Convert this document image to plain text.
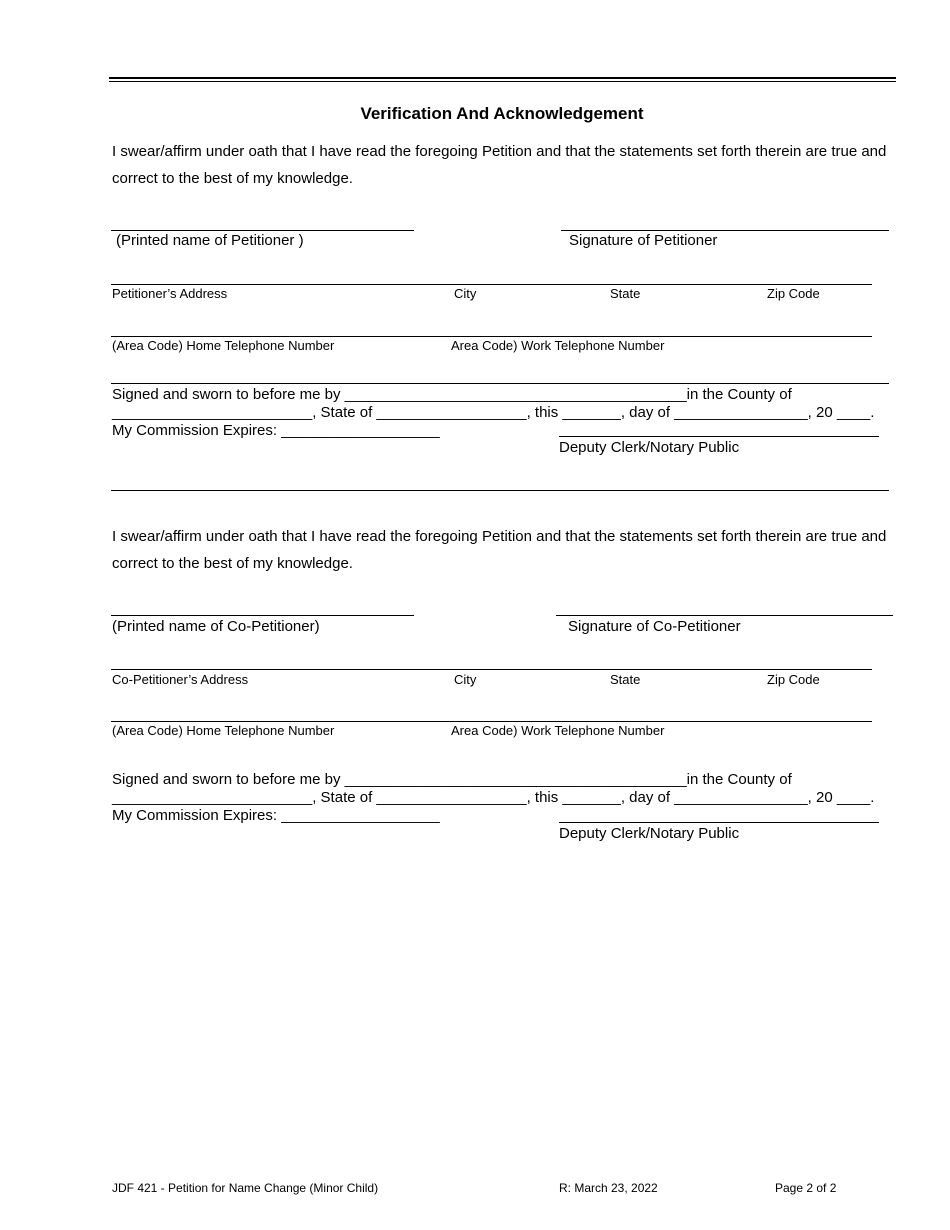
Verification And Acknowledgement
I swear/affirm under oath that I have read the foregoing Petition and that the statements set forth therein are true and correct to the best of my knowledge.
(Printed name of Petitioner )	Signature of Petitioner
Petitioner’s Address	City	State	Zip Code
(Area Code) Home Telephone Number	Area Code) Work Telephone Number
Signed and sworn to before me by _________________________________________in the County of
________________________, State of __________________, this _______, day of ________________, 20 ____.
My Commission Expires: ___________________
Deputy Clerk/Notary Public
I swear/affirm under oath that I have read the foregoing Petition and that the statements set forth therein are true and correct to the best of my knowledge.
(Printed name of Co-Petitioner)	Signature of Co-Petitioner
Co-Petitioner’s Address	City	State	Zip Code
(Area Code) Home Telephone Number	Area Code) Work Telephone Number
Signed and sworn to before me by _________________________________________in the County of
________________________, State of __________________, this _______, day of ________________, 20 ____.
My Commission Expires: ___________________
Deputy Clerk/Notary Public
JDF 421 - Petition for Name Change (Minor Child)	R: March 23, 2022	Page 2 of 2
